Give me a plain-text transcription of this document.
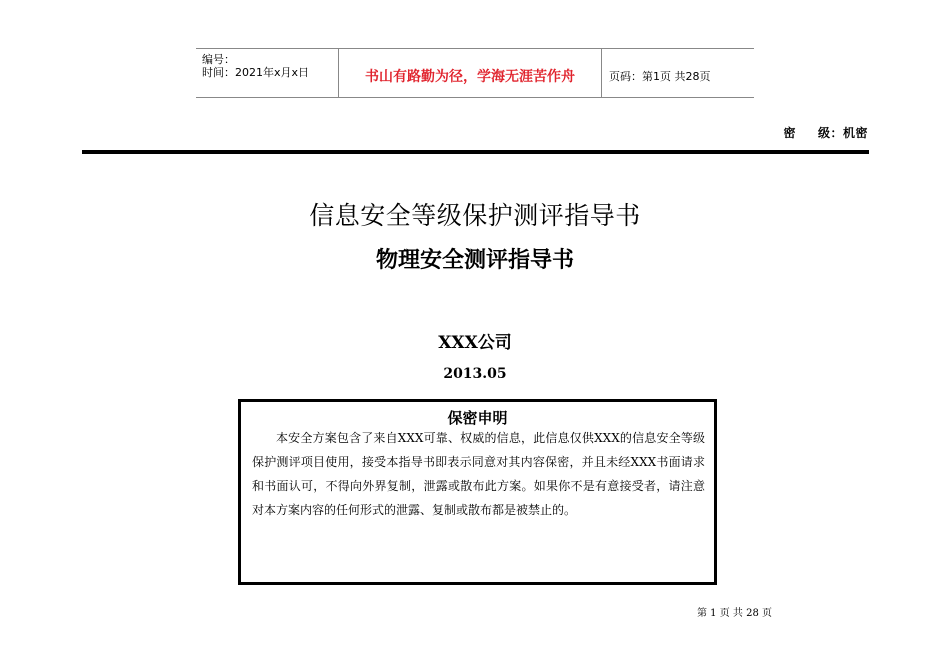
编号：
时间：2021年x月x日	书山有路勤为径，学海无涯苦作舟	页码：第1页 共28页
密 级：机密
信息安全等级保护测评指导书
物理安全测评指导书
XXX公司
2013.05
保密申明

本安全方案包含了来自XXX可靠、权威的信息，此信息仅供XXX的信息安全等级保护测评项目使用，接受本指导书即表示同意对其内容保密，并且未经XXX书面请求和书面认可，不得向外界复制，泄露或散布此方案。如果你不是有意接受者，请注意对本方案内容的任何形式的泄露、复制或散布都是被禁止的。

第 1 页 共 28 页
